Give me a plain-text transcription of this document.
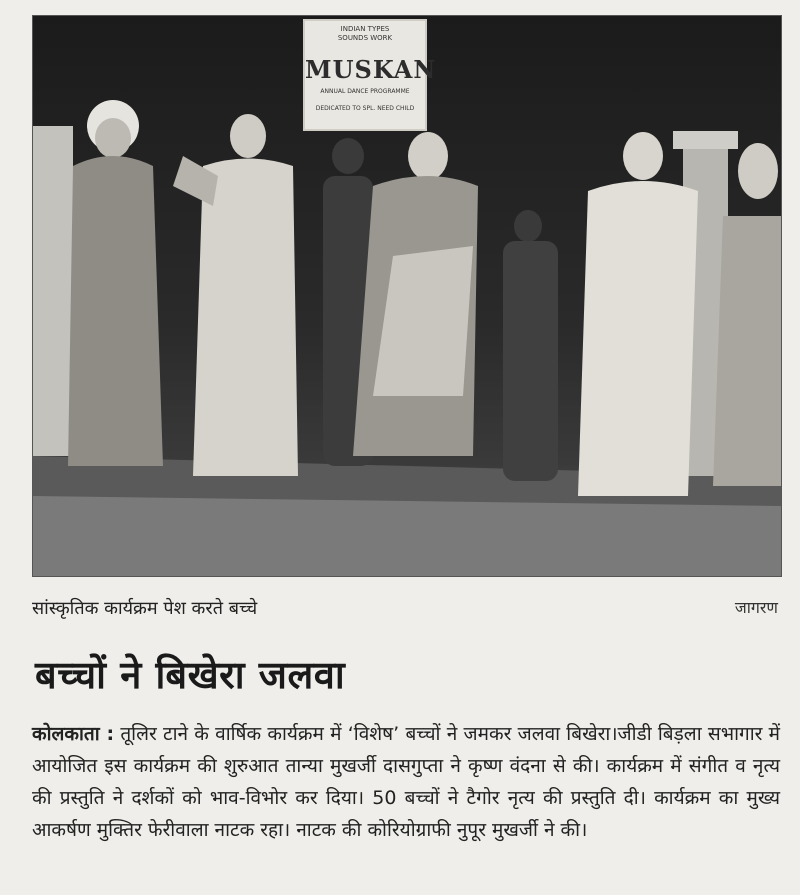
INDIAN TYPES
SOUNDS WORK
MUSKAN
ANNUAL DANCE PROGRAMME
DEDICATED TO SPL. NEED CHILD
सांस्कृतिक कार्यक्रम पेश करते बच्चे	जागरण
बच्चों ने बिखेरा जलवा
कोलकाता : तूलिर टाने के वार्षिक कार्यक्रम में ‘विशेष’ बच्चों ने जमकर जलवा बिखेरा।जीडी बिड़ला सभागार में आयोजित इस कार्यक्रम की शुरुआत तान्या मुखर्जी दासगुप्ता ने कृष्ण वंदना से की। कार्यक्रम में संगीत व नृत्य की प्रस्तुति ने दर्शकों को भाव-विभोर कर दिया। 50 बच्चों ने टैगोर नृत्य की प्रस्तुति दी। कार्यक्रम का मुख्य आकर्षण मुक्तिर फेरीवाला नाटक रहा। नाटक की कोरियोग्राफी नुपूर मुखर्जी ने की।
